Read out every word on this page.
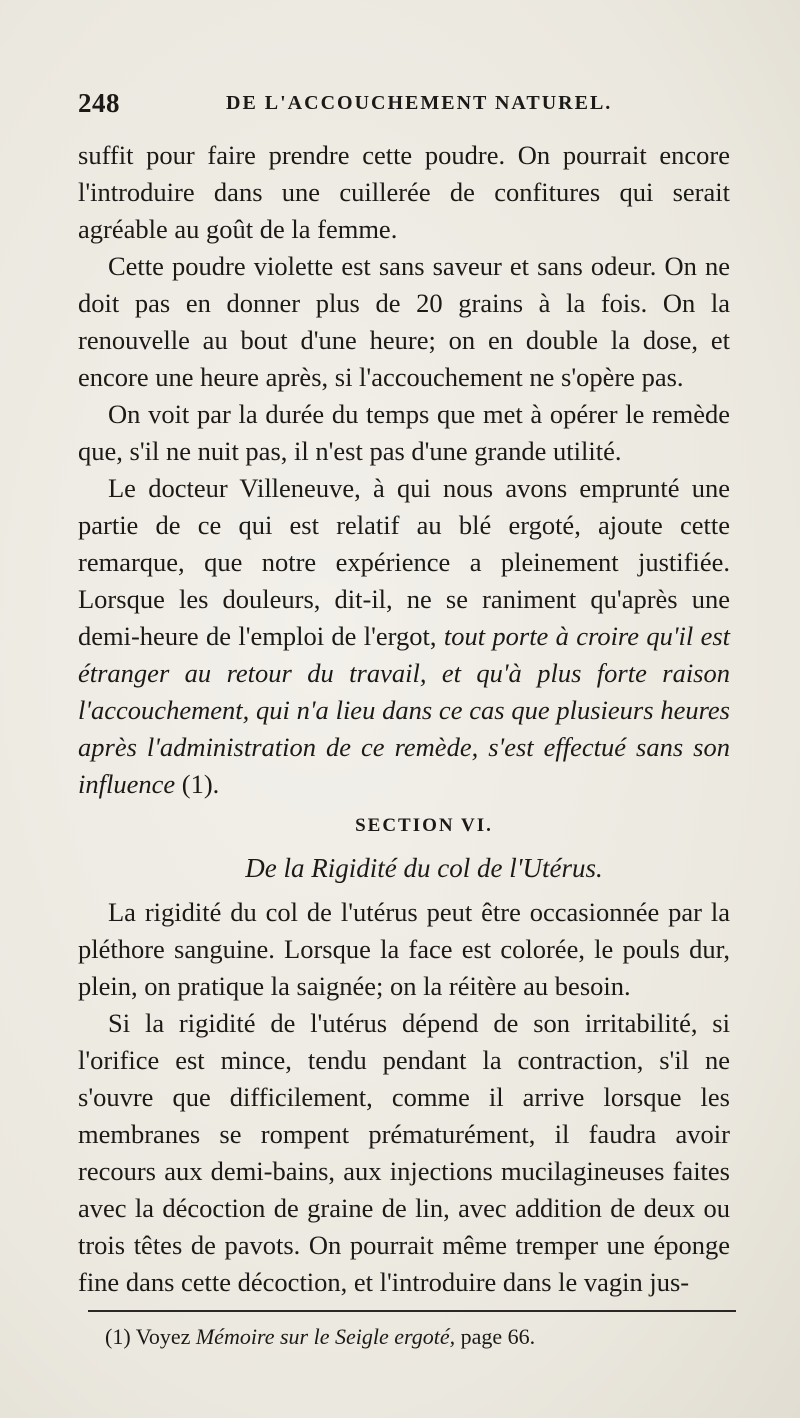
248	DE L'ACCOUCHEMENT NATUREL.

suffit pour faire prendre cette poudre. On pourrait encore l'introduire dans une cuillerée de confitures qui serait agréable au goût de la femme.

Cette poudre violette est sans saveur et sans odeur. On ne doit pas en donner plus de 20 grains à la fois. On la renouvelle au bout d'une heure; on en double la dose, et encore une heure après, si l'accouchement ne s'opère pas.

On voit par la durée du temps que met à opérer le remède que, s'il ne nuit pas, il n'est pas d'une grande utilité.

Le docteur Villeneuve, à qui nous avons emprunté une partie de ce qui est relatif au blé ergoté, ajoute cette remarque, que notre expérience a pleinement justifiée. Lorsque les douleurs, dit-il, ne se raniment qu'après une demi-heure de l'emploi de l'ergot, tout porte à croire qu'il est étranger au retour du travail, et qu'à plus forte raison l'accouchement, qui n'a lieu dans ce cas que plusieurs heures après l'administration de ce remède, s'est effectué sans son influence (1).

SECTION VI.

De la Rigidité du col de l'Utérus.

La rigidité du col de l'utérus peut être occasionnée par la pléthore sanguine. Lorsque la face est colorée, le pouls dur, plein, on pratique la saignée; on la réitère au besoin.

Si la rigidité de l'utérus dépend de son irritabilité, si l'orifice est mince, tendu pendant la contraction, s'il ne s'ouvre que difficilement, comme il arrive lorsque les membranes se rompent prématurément, il faudra avoir recours aux demi-bains, aux injections mucilagineuses faites avec la décoction de graine de lin, avec addition de deux ou trois têtes de pavots. On pourrait même tremper une éponge fine dans cette décoction, et l'introduire dans le vagin jus-

(1) Voyez Mémoire sur le Seigle ergoté, page 66.
